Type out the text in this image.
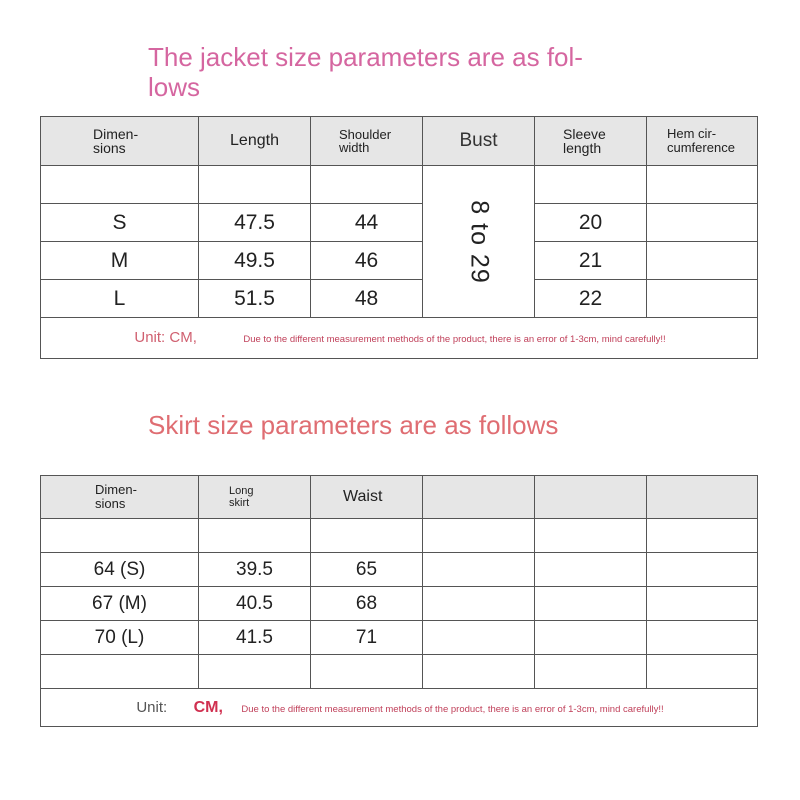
The jacket size parameters are as fol-lows
Dimen-sions	Length	Shoulder width	Bust	Sleeve length	Hem cir-cumference

			8 to 29		

S	47.5	44		20	
M	49.5	46		21	
L	51.5	48		22	
Unit: CM, Due to the different measurement methods of the product, there is an error of 1-3cm, mind carefully!!					
Skirt size parameters are as follows
Dimen-sions	Long skirt	Waist			

64 (S)	39.5	65			
67 (M)	40.5	68			
70 (L)	41.5	71			

Unit: CM, Due to the different measurement methods of the product, there is an error of 1-3cm, mind carefully!!					
